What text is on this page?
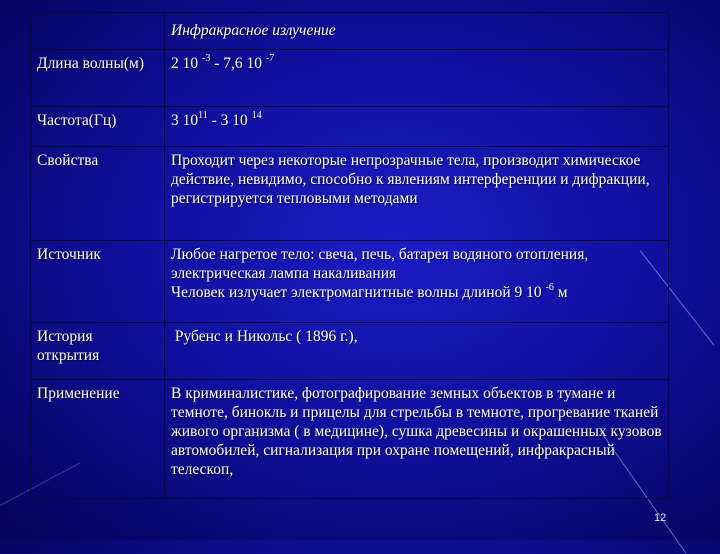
	Инфракрасное излучение
Длина волны(м)	2 10 $^{-3}$ - 7,6 10 $^{-7}$
Частота(Гц)	3 $10^{11} - 3$ 10 $^{14}$
Свойства	Проходит через некоторые непрозрачные тела, производит химическое действие, невидимо, способно к явлениям интерференции и дифракции, регистрируется тепловыми методами
Источник	Любое нагретое тело: свеча, печь, батарея водяного отопления, электрическая лампа накаливания
Человек излучает электромагнитные волны длиной 9 10 $^{-6}$ м

История открытия	Рубенс и Никольс ( 1896 г.),
Применение	В криминалистике, фотографирование земных объектов в тумане и темноте, бинокль и прицелы для стрельбы в темноте, прогревание тканей живого организма ( в медицине), сушка древесины и окрашенных кузовов автомобилей, сигнализация при охране помещений, инфракрасный телескоп,
12
